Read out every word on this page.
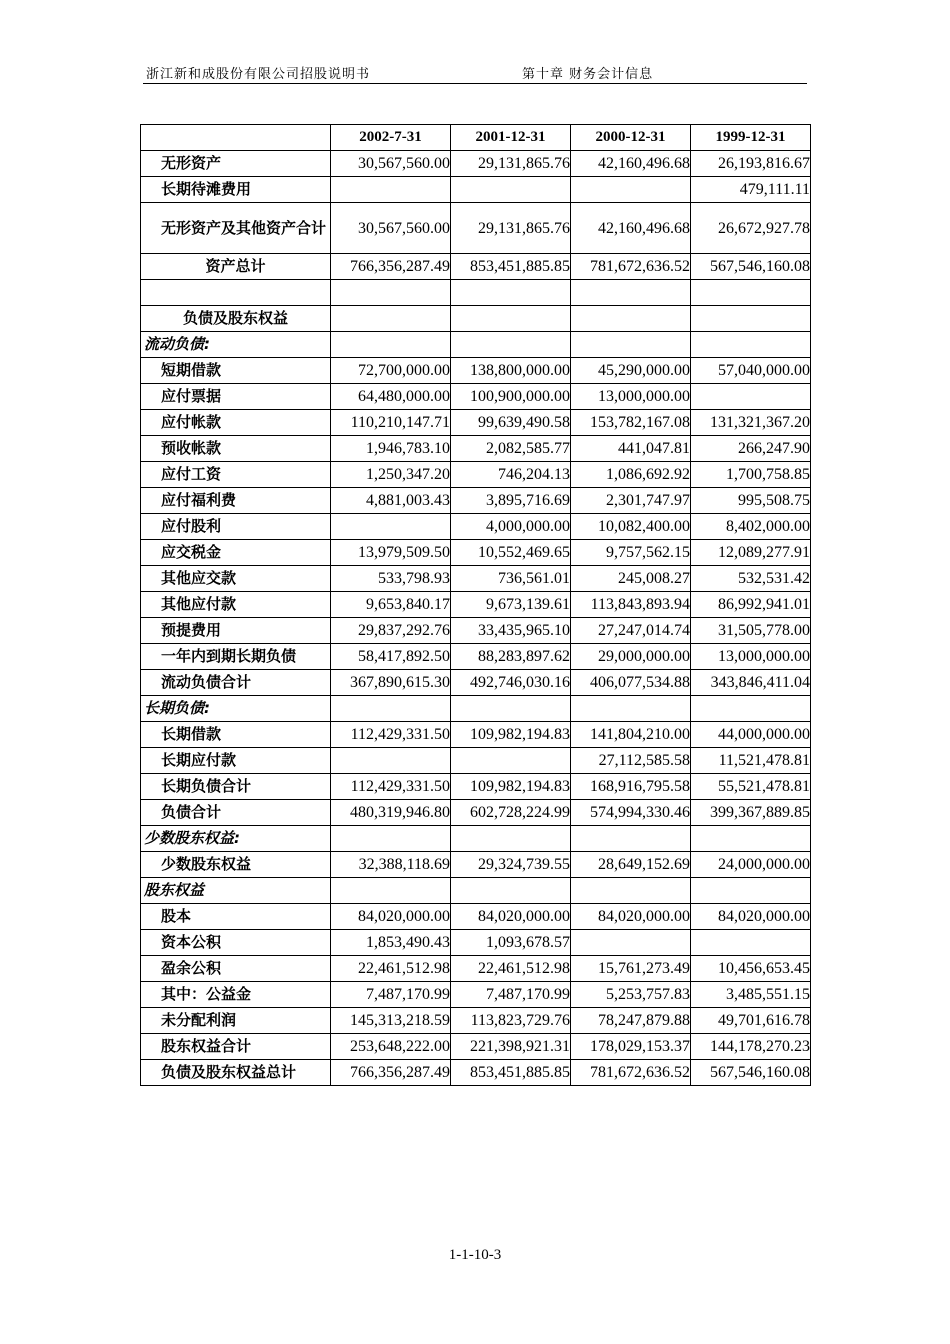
浙江新和成股份有限公司招股说明书	第十章 财务会计信息
	2002-7-31	2001-12-31	2000-12-31	1999-12-31
无形资产	30,567,560.00	29,131,865.76	42,160,496.68	26,193,816.67
长期待滩费用				479,111.11
无形资产及其他资产合计	30,567,560.00	29,131,865.76	42,160,496.68	26,672,927.78
资产总计	766,356,287.49	853,451,885.85	781,672,636.52	567,546,160.08

负债及股东权益				
流动负债:				
短期借款	72,700,000.00	138,800,000.00	45,290,000.00	57,040,000.00
应付票据	64,480,000.00	100,900,000.00	13,000,000.00	
应付帐款	110,210,147.71	99,639,490.58	153,782,167.08	131,321,367.20
预收帐款	1,946,783.10	2,082,585.77	441,047.81	266,247.90
应付工资	1,250,347.20	746,204.13	1,086,692.92	1,700,758.85
应付福利费	4,881,003.43	3,895,716.69	2,301,747.97	995,508.75
应付股利		4,000,000.00	10,082,400.00	8,402,000.00
应交税金	13,979,509.50	10,552,469.65	9,757,562.15	12,089,277.91
其他应交款	533,798.93	736,561.01	245,008.27	532,531.42
其他应付款	9,653,840.17	9,673,139.61	113,843,893.94	86,992,941.01
预提费用	29,837,292.76	33,435,965.10	27,247,014.74	31,505,778.00
一年内到期长期负债	58,417,892.50	88,283,897.62	29,000,000.00	13,000,000.00
流动负债合计	367,890,615.30	492,746,030.16	406,077,534.88	343,846,411.04
长期负债:				
长期借款	112,429,331.50	109,982,194.83	141,804,210.00	44,000,000.00
长期应付款			27,112,585.58	11,521,478.81
长期负债合计	112,429,331.50	109,982,194.83	168,916,795.58	55,521,478.81
负债合计	480,319,946.80	602,728,224.99	574,994,330.46	399,367,889.85
少数股东权益:				
少数股东权益	32,388,118.69	29,324,739.55	28,649,152.69	24,000,000.00
股东权益				
股本	84,020,000.00	84,020,000.00	84,020,000.00	84,020,000.00
资本公积	1,853,490.43	1,093,678.57		
盈余公积	22,461,512.98	22,461,512.98	15,761,273.49	10,456,653.45
其中：公益金	7,487,170.99	7,487,170.99	5,253,757.83	3,485,551.15
未分配利润	145,313,218.59	113,823,729.76	78,247,879.88	49,701,616.78
股东权益合计	253,648,222.00	221,398,921.31	178,029,153.37	144,178,270.23
负债及股东权益总计	766,356,287.49	853,451,885.85	781,672,636.52	567,546,160.08
1-1-10-3
